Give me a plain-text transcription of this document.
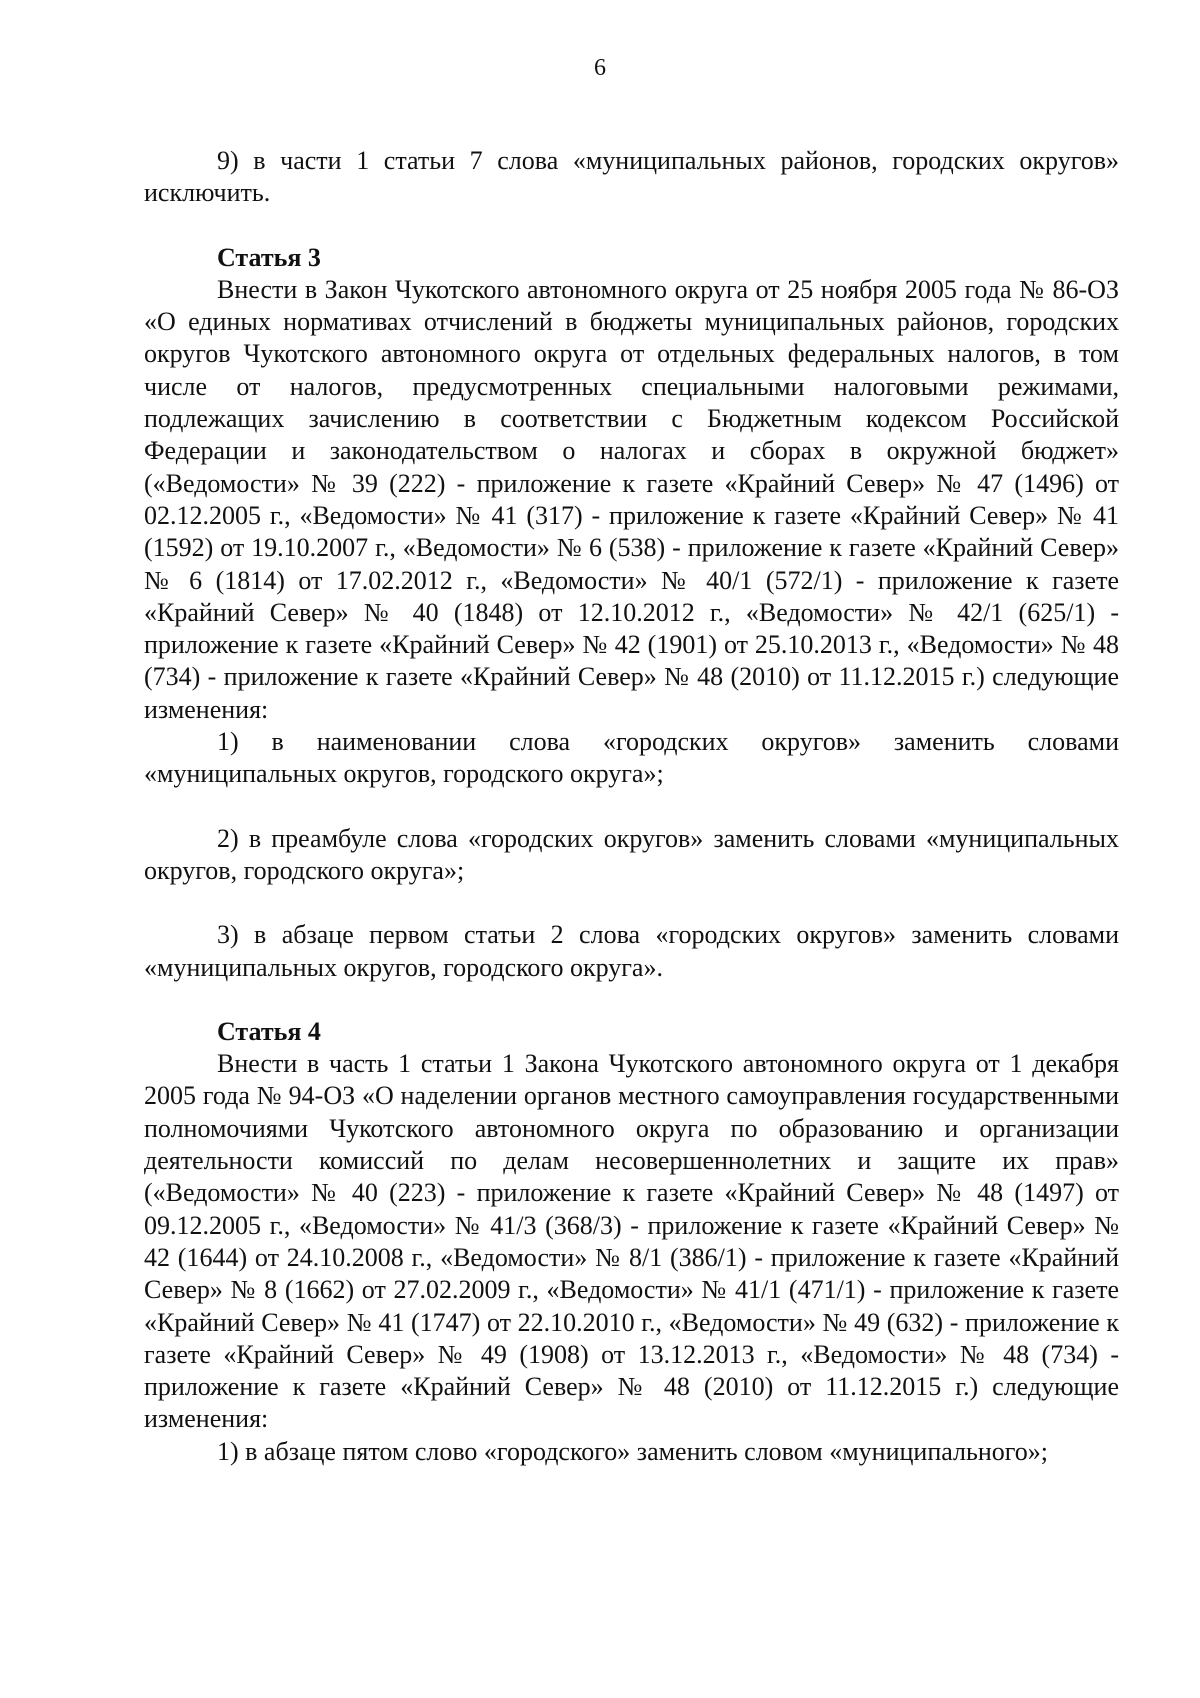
6

9) в части 1 статьи 7 слова «муниципальных районов, городских округов» исключить.

Статья 3

Внести в Закон Чукотского автономного округа от 25 ноября 2005 года № 86-ОЗ «О единых нормативах отчислений в бюджеты муниципальных районов, городских округов Чукотского автономного округа от отдельных федеральных налогов, в том числе от налогов, предусмотренных специальными налоговыми режимами, подлежащих зачислению в соответствии с Бюджетным кодексом Российской Федерации и законодательством о налогах и сборах в окружной бюджет» («Ведомости» № 39 (222) - приложение к газете «Крайний Север» № 47 (1496) от 02.12.2005 г., «Ведомости» № 41 (317) - приложение к газете «Крайний Север» № 41 (1592) от 19.10.2007 г., «Ведомости» № 6 (538) - приложение к газете «Крайний Север» № 6 (1814) от 17.02.2012 г., «Ведомости» № 40/1 (572/1) - приложение к газете «Крайний Север» № 40 (1848) от 12.10.2012 г., «Ведомости» № 42/1 (625/1) - приложение к газете «Крайний Север» № 42 (1901) от 25.10.2013 г., «Ведомости» № 48 (734) - приложение к газете «Крайний Север» № 48 (2010) от 11.12.2015 г.) следующие изменения:

1) в наименовании слова «городских округов» заменить словами «муниципальных округов, городского округа»;

2) в преамбуле слова «городских округов» заменить словами «муниципальных округов, городского округа»;

3) в абзаце первом статьи 2 слова «городских округов» заменить словами «муниципальных округов, городского округа».

Статья 4

Внести в часть 1 статьи 1 Закона Чукотского автономного округа от 1 декабря 2005 года № 94-ОЗ «О наделении органов местного самоуправления государственными полномочиями Чукотского автономного округа по образованию и организации деятельности комиссий по делам несовершеннолетних и защите их прав» («Ведомости» № 40 (223) - приложение к газете «Крайний Север» № 48 (1497) от 09.12.2005 г., «Ведомости» № 41/3 (368/3) - приложение к газете «Крайний Север» № 42 (1644) от 24.10.2008 г., «Ведомости» № 8/1 (386/1) - приложение к газете «Крайний Север» № 8 (1662) от 27.02.2009 г., «Ведомости» № 41/1 (471/1) - приложение к газете «Крайний Север» № 41 (1747) от 22.10.2010 г., «Ведомости» № 49 (632) - приложение к газете «Крайний Север» № 49 (1908) от 13.12.2013 г., «Ведомости» № 48 (734) - приложение к газете «Крайний Север» № 48 (2010) от 11.12.2015 г.) следующие изменения:

1) в абзаце пятом слово «городского» заменить словом «муниципального»;
